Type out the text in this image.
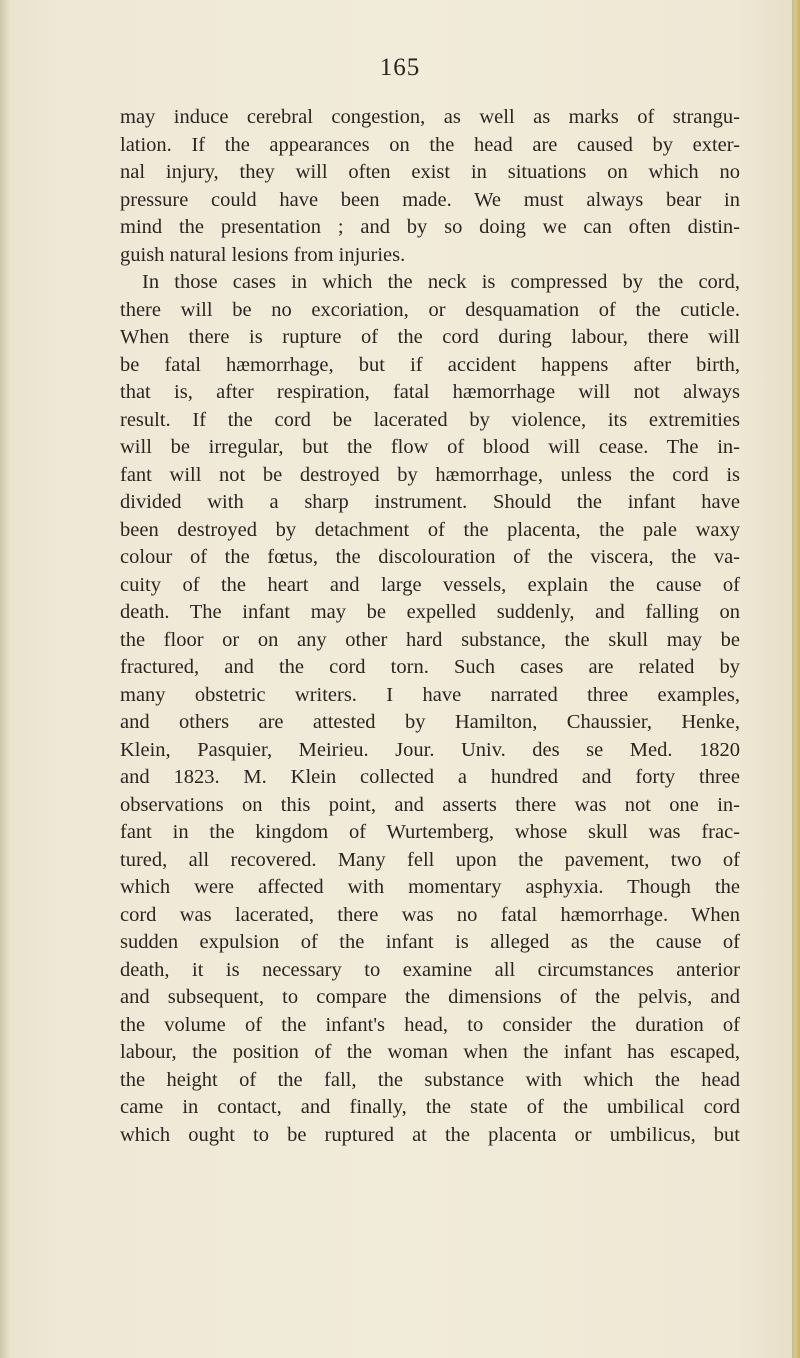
165
may induce cerebral congestion, as well as marks of strangu-
lation. If the appearances on the head are caused by exter-
nal injury, they will often exist in situations on which no
pressure could have been made. We must always bear in
mind the presentation ; and by so doing we can often distin-
guish natural lesions from injuries.
In those cases in which the neck is compressed by the cord,
there will be no excoriation, or desquamation of the cuticle.
When there is rupture of the cord during labour, there will
be fatal hæmorrhage, but if accident happens after birth,
that is, after respiration, fatal hæmorrhage will not always
result. If the cord be lacerated by violence, its extremities
will be irregular, but the flow of blood will cease. The in-
fant will not be destroyed by hæmorrhage, unless the cord is
divided with a sharp instrument. Should the infant have
been destroyed by detachment of the placenta, the pale waxy
colour of the fœtus, the discolouration of the viscera, the va-
cuity of the heart and large vessels, explain the cause of
death. The infant may be expelled suddenly, and falling on
the floor or on any other hard substance, the skull may be
fractured, and the cord torn. Such cases are related by
many obstetric writers. I have narrated three examples,
and others are attested by Hamilton, Chaussier, Henke,
Klein, Pasquier, Meirieu. Jour. Univ. des se Med. 1820
and 1823. M. Klein collected a hundred and forty three
observations on this point, and asserts there was not one in-
fant in the kingdom of Wurtemberg, whose skull was frac-
tured, all recovered. Many fell upon the pavement, two of
which were affected with momentary asphyxia. Though the
cord was lacerated, there was no fatal hæmorrhage. When
sudden expulsion of the infant is alleged as the cause of
death, it is necessary to examine all circumstances anterior
and subsequent, to compare the dimensions of the pelvis, and
the volume of the infant's head, to consider the duration of
labour, the position of the woman when the infant has escaped,
the height of the fall, the substance with which the head
came in contact, and finally, the state of the umbilical cord
which ought to be ruptured at the placenta or umbilicus, but
